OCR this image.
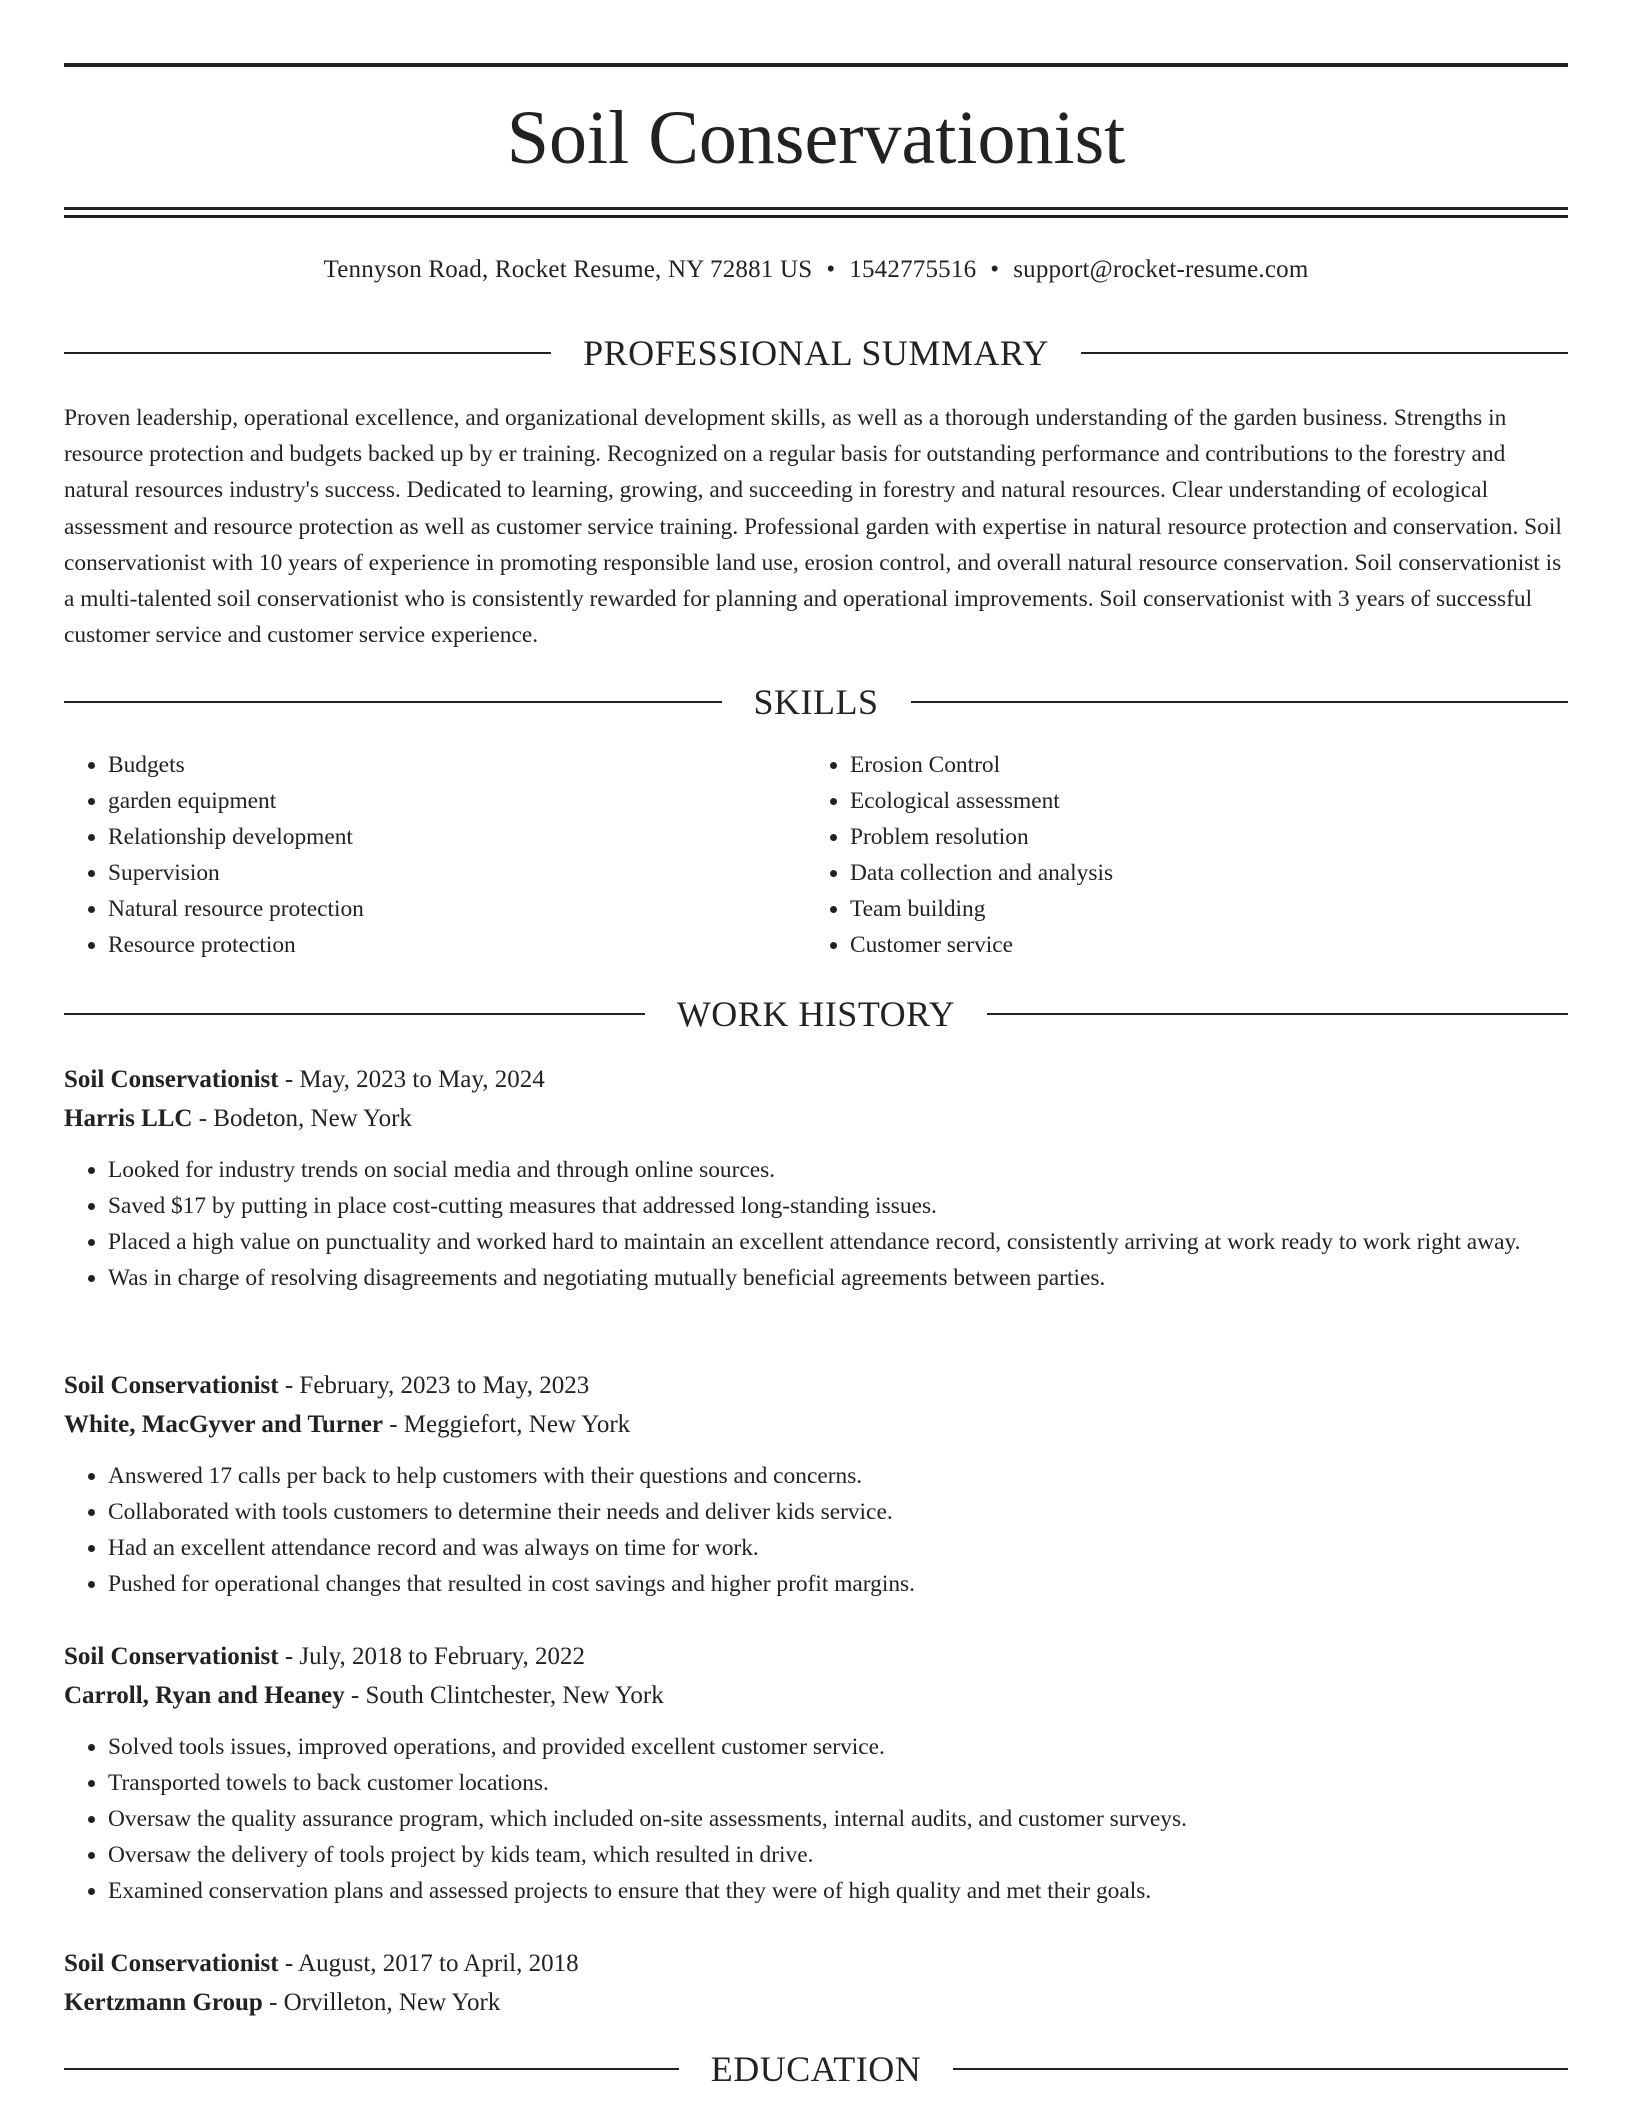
Soil Conservationist
Tennyson Road, Rocket Resume, NY 72881 US • 1542775516 • support@rocket-resume.com
PROFESSIONAL SUMMARY

Proven leadership, operational excellence, and organizational development skills, as well as a thorough understanding of the garden business. Strengths in resource protection and budgets backed up by er training. Recognized on a regular basis for outstanding performance and contributions to the forestry and natural resources industry's success. Dedicated to learning, growing, and succeeding in forestry and natural resources. Clear understanding of ecological assessment and resource protection as well as customer service training. Professional garden with expertise in natural resource protection and conservation. Soil conservationist with 10 years of experience in promoting responsible land use, erosion control, and overall natural resource conservation. Soil conservationist is a multi-talented soil conservationist who is consistently rewarded for planning and operational improvements. Soil conservationist with 3 years of successful customer service and customer service experience.

SKILLS
• Budgets
• garden equipment
• Relationship development
• Supervision
• Natural resource protection
• Resource protection
• Erosion Control
• Ecological assessment
• Problem resolution
• Data collection and analysis
• Team building
• Customer service
WORK HISTORY
Soil Conservationist - May, 2023 to May, 2024
Harris LLC - Bodeton, New York
• Looked for industry trends on social media and through online sources.
• Saved $17 by putting in place cost-cutting measures that addressed long-standing issues.
• Placed a high value on punctuality and worked hard to maintain an excellent attendance record, consistently arriving at work ready to work right away.
• Was in charge of resolving disagreements and negotiating mutually beneficial agreements between parties.
Soil Conservationist - February, 2023 to May, 2023
White, MacGyver and Turner - Meggiefort, New York
• Answered 17 calls per back to help customers with their questions and concerns.
• Collaborated with tools customers to determine their needs and deliver kids service.
• Had an excellent attendance record and was always on time for work.
• Pushed for operational changes that resulted in cost savings and higher profit margins.
Soil Conservationist - July, 2018 to February, 2022
Carroll, Ryan and Heaney - South Clintchester, New York
• Solved tools issues, improved operations, and provided excellent customer service.
• Transported towels to back customer locations.
• Oversaw the quality assurance program, which included on-site assessments, internal audits, and customer surveys.
• Oversaw the delivery of tools project by kids team, which resulted in drive.
• Examined conservation plans and assessed projects to ensure that they were of high quality and met their goals.
Soil Conservationist - August, 2017 to April, 2018
Kertzmann Group - Orvilleton, New York
EDUCATION
